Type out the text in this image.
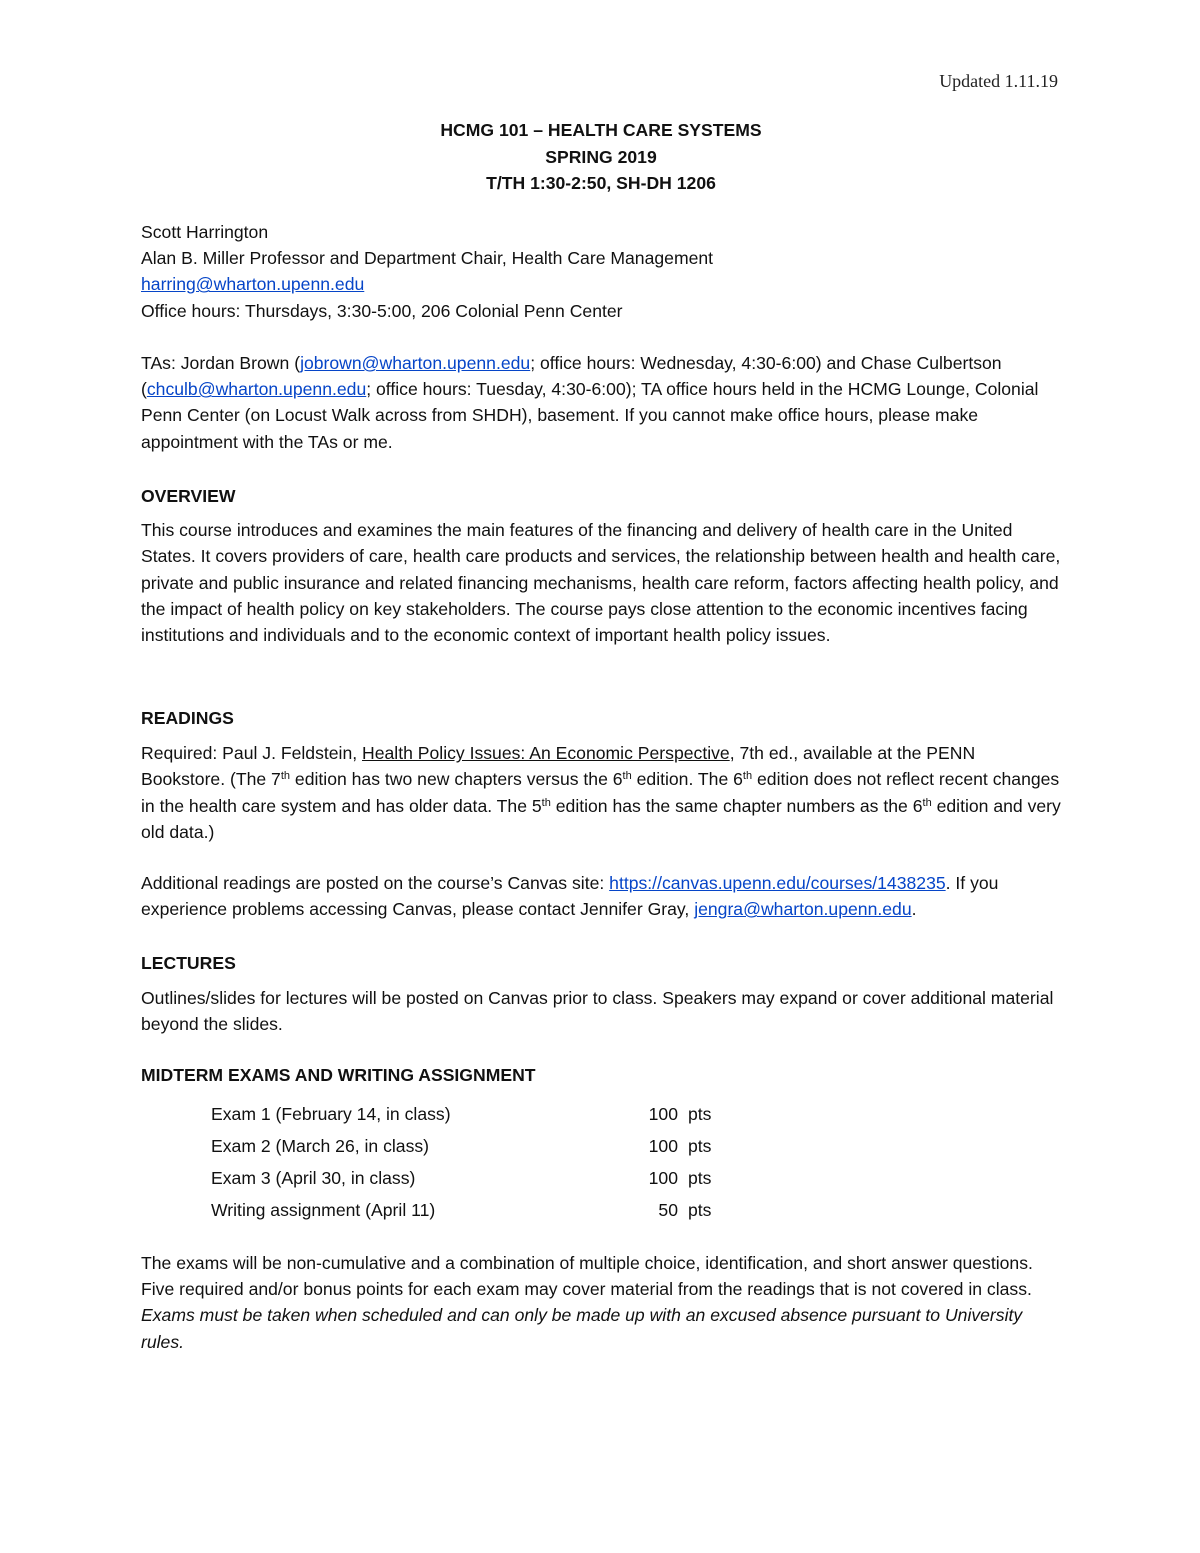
Updated 1.11.19
HCMG 101 – HEALTH CARE SYSTEMS
SPRING 2019
T/TH 1:30-2:50, SH-DH 1206
Scott Harrington
Alan B. Miller Professor and Department Chair, Health Care Management
harring@wharton.upenn.edu
Office hours: Thursdays, 3:30-5:00, 206 Colonial Penn Center

TAs: Jordan Brown (jobrown@wharton.upenn.edu; office hours: Wednesday, 4:30-6:00) and Chase Culbertson (chculb@wharton.upenn.edu; office hours: Tuesday, 4:30-6:00); TA office hours held in the HCMG Lounge, Colonial Penn Center (on Locust Walk across from SHDH), basement. If you cannot make office hours, please make appointment with the TAs or me.

OVERVIEW

This course introduces and examines the main features of the financing and delivery of health care in the United States. It covers providers of care, health care products and services, the relationship between health and health care, private and public insurance and related financing mechanisms, health care reform, factors affecting health policy, and the impact of health policy on key stakeholders. The course pays close attention to the economic incentives facing institutions and individuals and to the economic context of important health policy issues.

READINGS

Required: Paul J. Feldstein, Health Policy Issues: An Economic Perspective, 7th ed., available at the PENN Bookstore. (The 7th edition has two new chapters versus the 6th edition. The 6th edition does not reflect recent changes in the health care system and has older data. The 5th edition has the same chapter numbers as the 6th edition and very old data.)

Additional readings are posted on the course’s Canvas site: https://canvas.upenn.edu/courses/1438235. If you experience problems accessing Canvas, please contact Jennifer Gray, jengra@wharton.upenn.edu.

LECTURES

Outlines/slides for lectures will be posted on Canvas prior to class. Speakers may expand or cover additional material beyond the slides.

MIDTERM EXAMS AND WRITING ASSIGNMENT
Exam 1 (February 14, in class)	100	pts
Exam 2 (March 26, in class)	100	pts
Exam 3 (April 30, in class)	100	pts
Writing assignment (April 11)	50	pts

The exams will be non-cumulative and a combination of multiple choice, identification, and short answer questions. Five required and/or bonus points for each exam may cover material from the readings that is not covered in class. Exams must be taken when scheduled and can only be made up with an excused absence pursuant to University rules.
